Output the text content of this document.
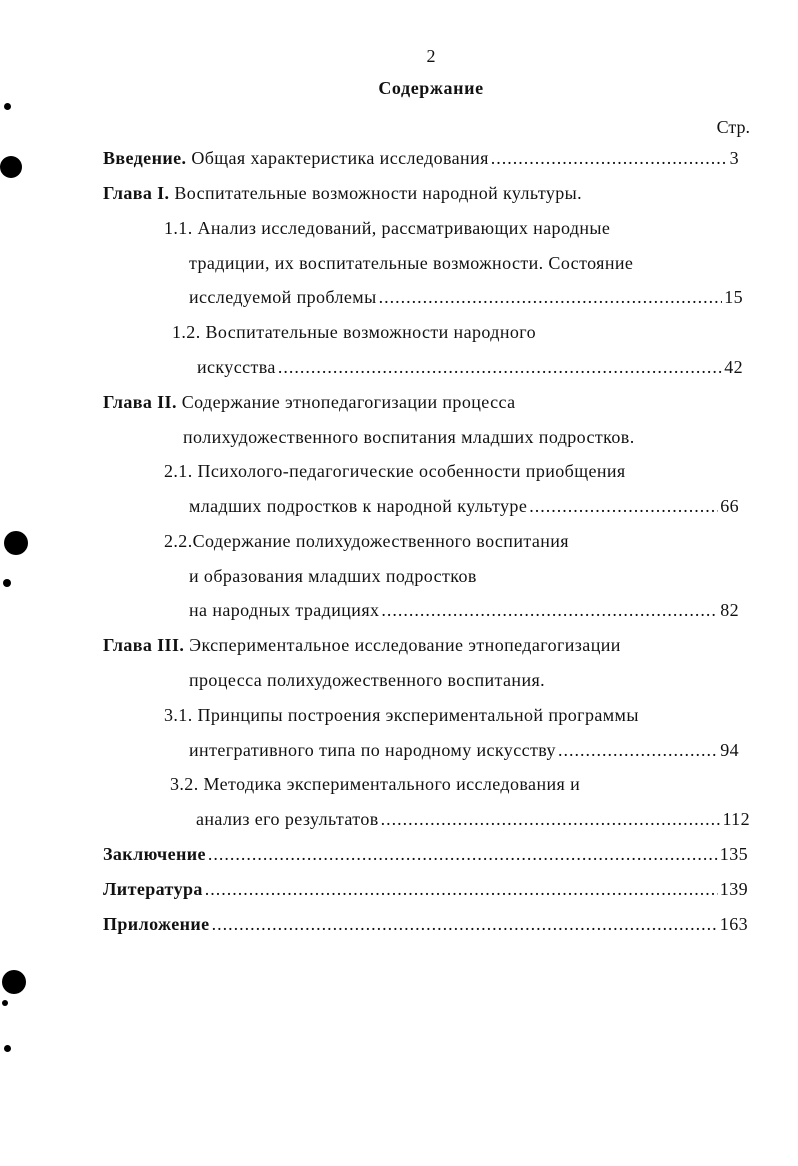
2
Содержание
Стр.
Введение.
Общая характеристика исследования .....	3
Глава I. Воспитательные возможности народной культуры.
1.1. Анализ исследований, рассматривающих народные
традиции, их воспитательные возможности. Состояние
исследуемой проблемы .....	15
1.2. Воспитательные возможности народного
искусства .....	42
Глава II. Содержание этнопедагогизации процесса
полихудожественного воспитания младших подростков.
2.1. Психолого-педагогические особенности приобщения
младших подростков к народной культуре .....	66
2.2.Содержание полихудожественного воспитания
и образования младших подростков
на народных традициях .....	82
Глава III. Экспериментальное исследование этнопедагогизации
процесса полихудожественного воспитания.
3.1. Принципы построения экспериментальной программы
интегративного типа по народному искусству .....	94
3.2. Методика экспериментального исследования и
анализ его результатов .....	112
Заключение .....	135
Литература .....	139
Приложение .....	163
